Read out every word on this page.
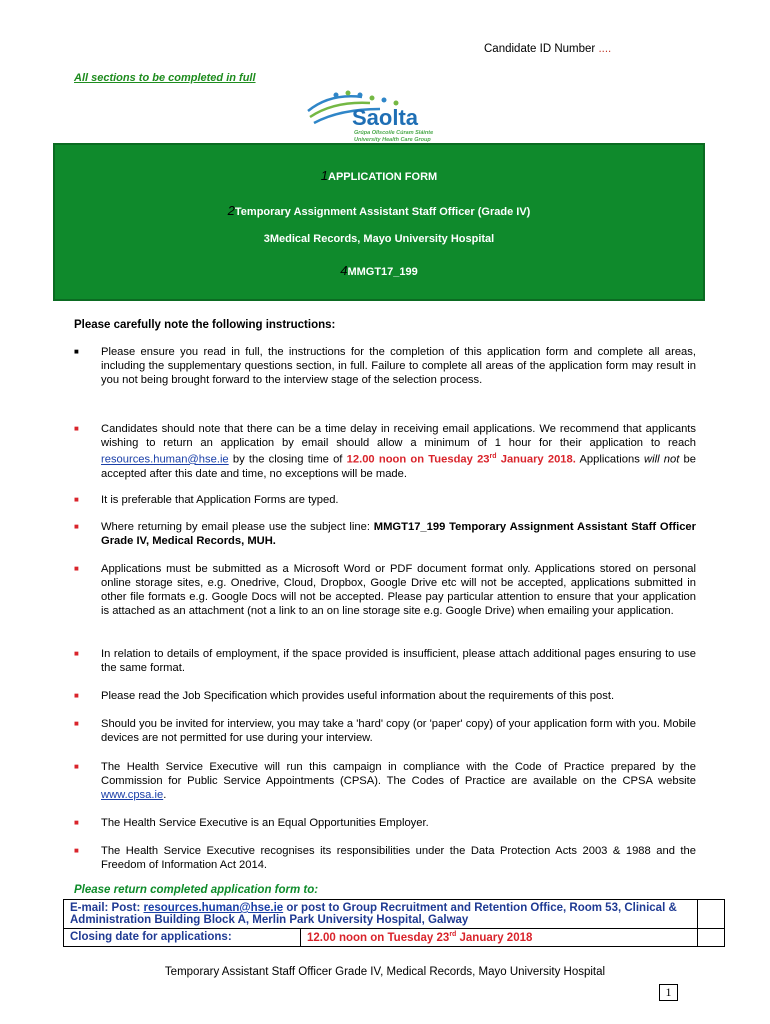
Candidate ID Number ....
All sections to be completed in full
Saolta
Grúpa Ollscoile Cúram Sláinte
University Health Care Group
1APPLICATION FORM
2Temporary Assignment Assistant Staff Officer (Grade IV)
3Medical Records, Mayo University Hospital
4MMGT17_199
Please carefully note the following instructions:
■ Please ensure you read in full, the instructions for the completion of this application form and complete all areas, including the supplementary questions section, in full. Failure to complete all areas of the application form may result in you not being brought forward to the interview stage of the selection process.
■ Candidates should note that there can be a time delay in receiving email applications. We recommend that applicants wishing to return an application by email should allow a minimum of 1 hour for their application to reach resources.human@hse.ie by the closing time of 12.00 noon on Tuesday 23rd January 2018. Applications will not be accepted after this date and time, no exceptions will be made.
■ It is preferable that Application Forms are typed.
■ Where returning by email please use the subject line: MMGT17_199 Temporary Assignment Assistant Staff Officer Grade IV, Medical Records, MUH.
■ Applications must be submitted as a Microsoft Word or PDF document format only. Applications stored on personal online storage sites, e.g. Onedrive, Cloud, Dropbox, Google Drive etc will not be accepted, applications submitted in other file formats e.g. Google Docs will not be accepted. Please pay particular attention to ensure that your application is attached as an attachment (not a link to an on line storage site e.g. Google Drive) when emailing your application.
■ In relation to details of employment, if the space provided is insufficient, please attach additional pages ensuring to use the same format.
■ Please read the Job Specification which provides useful information about the requirements of this post.
■ Should you be invited for interview, you may take a 'hard' copy (or 'paper' copy) of your application form with you. Mobile devices are not permitted for use during your interview.
■ The Health Service Executive will run this campaign in compliance with the Code of Practice prepared by the Commission for Public Service Appointments (CPSA). The Codes of Practice are available on the CPSA website www.cpsa.ie.
■ The Health Service Executive is an Equal Opportunities Employer.
■ The Health Service Executive recognises its responsibilities under the Data Protection Acts 2003 & 1988 and the Freedom of Information Act 2014.
Please return completed application form to:
E-mail: Post: resources.human@hse.ie or post to Group Recruitment and Retention Office, Room 53, Clinical & Administration Building Block A, Merlin Park University Hospital, Galway		
Closing date for applications:	12.00 noon on Tuesday 23rd January 2018	
Temporary Assistant Staff Officer Grade IV, Medical Records, Mayo University Hospital
1
